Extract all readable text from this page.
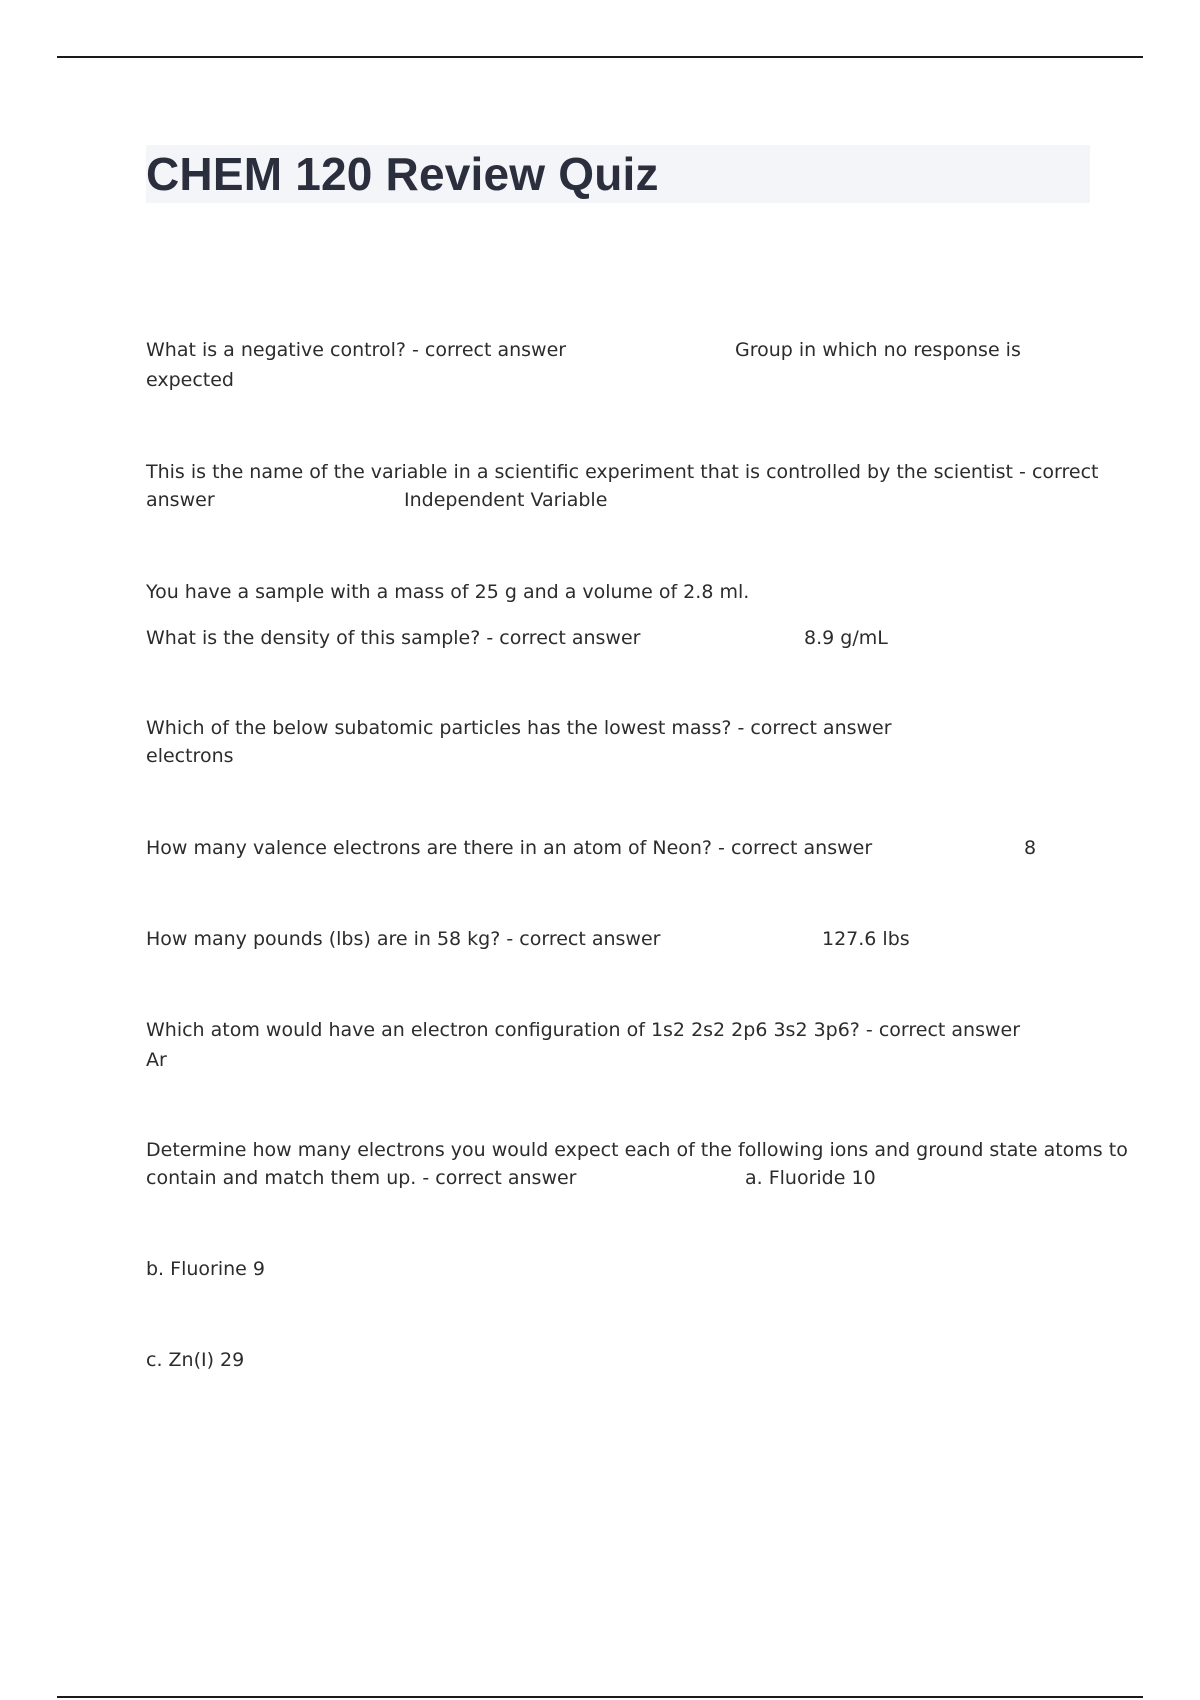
CHEM 120 Review Quiz
What is a negative control? - correct answer	Group in which no response is
expected
This is the name of the variable in a scientific experiment that is controlled by the scientist - correct
answer	Independent Variable
You have a sample with a mass of 25 g and a volume of 2.8 ml.
What is the density of this sample? - correct answer	8.9 g/mL
Which of the below subatomic particles has the lowest mass? - correct answer
electrons
How many valence electrons are there in an atom of Neon? - correct answer	8
How many pounds (lbs) are in 58 kg? - correct answer	127.6 lbs
Which atom would have an electron configuration of 1s2 2s2 2p6 3s2 3p6? - correct answer
Ar
Determine how many electrons you would expect each of the following ions and ground state atoms to
contain and match them up. - correct answer	a. Fluoride 10
b. Fluorine 9
c. Zn(I) 29
